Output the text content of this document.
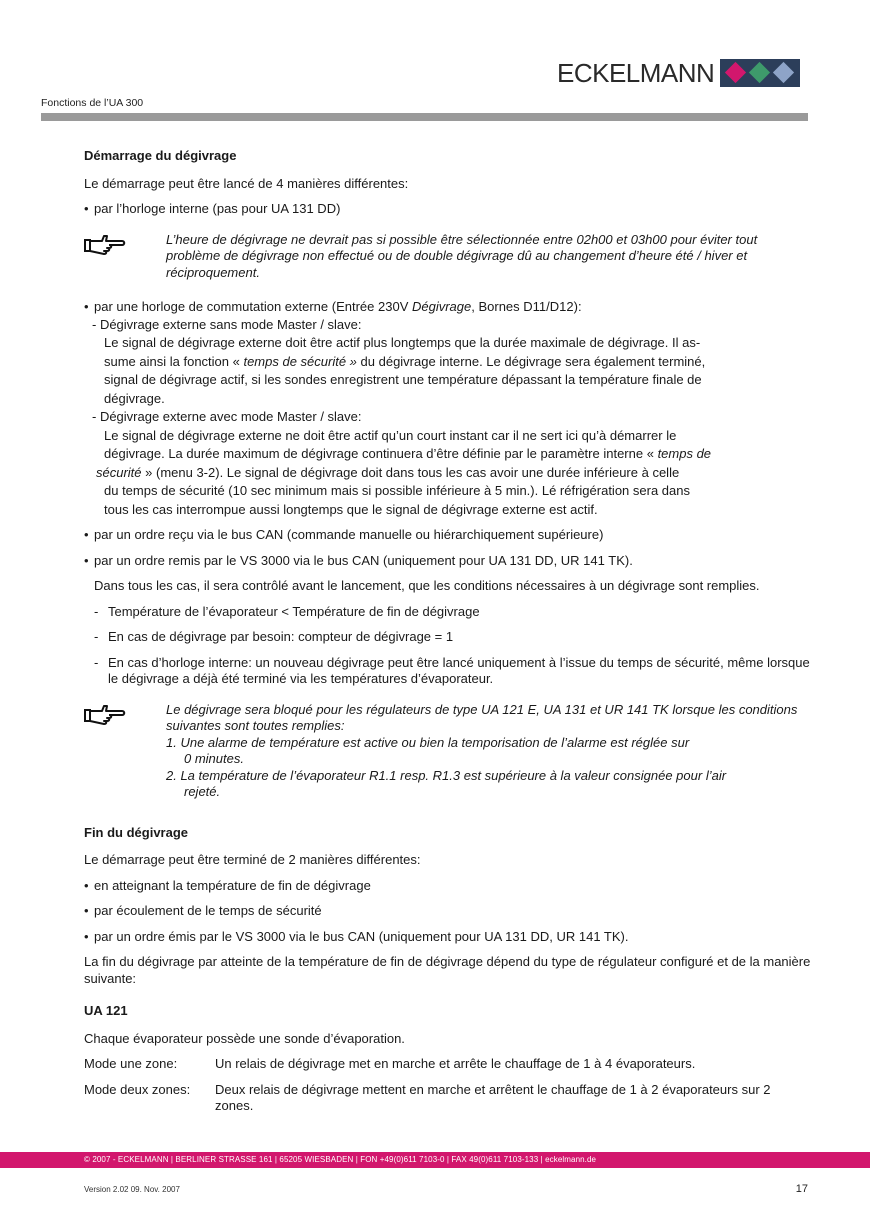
ECKELMANN
Fonctions de l’UA 300
Démarrage du dégivrage
Le démarrage peut être lancé de 4 manières différentes:
• par l’horloge interne (pas pour UA 131 DD)
L’heure de dégivrage ne devrait pas si possible être sélectionnée entre 02h00 et 03h00 pour éviter tout problème de dégivrage non effectué ou de double dégivrage dû au changement d’heure été / hiver et réciproquement.
• par une horloge de commutation externe (Entrée 230V Dégivrage, Bornes D11/D12):
- Dégivrage externe sans mode Master / slave:
Le signal de dégivrage externe doit être actif plus longtemps que la durée maximale de dégivrage. Il as-
sume ainsi la fonction « temps de sécurité » du dégivrage interne. Le dégivrage sera également terminé,
signal de dégivrage actif, si les sondes enregistrent une température dépassant la température finale de
dégivrage.
- Dégivrage externe avec mode Master / slave:
Le signal de dégivrage externe ne doit être actif qu’un court instant car il ne sert ici qu’à démarrer le
dégivrage. La durée maximum de dégivrage continuera d’être définie par le paramètre interne « temps de
sécurité » (menu 3-2). Le signal de dégivrage doit dans tous les cas avoir une durée inférieure à celle
du temps de sécurité (10 sec minimum mais si possible inférieure à 5 min.). Lé réfrigération sera dans
tous les cas interrompue aussi longtemps que le signal de dégivrage externe est actif.
• par un ordre reçu via le bus CAN (commande manuelle ou hiérarchiquement supérieure)
• par un ordre remis par le VS 3000 via le bus CAN (uniquement pour UA 131 DD, UR 141 TK).
Dans tous les cas, il sera contrôlé avant le lancement, que les conditions nécessaires à un dégivrage sont remplies.
- Température de l’évaporateur < Température de fin de dégivrage
- En cas de dégivrage par besoin: compteur de dégivrage = 1
- En cas d’horloge interne: un nouveau dégivrage peut être lancé uniquement à l’issue du temps de sécurité, même lorsque le dégivrage a déjà été terminé via les températures d’évaporateur.
Le dégivrage sera bloqué pour les régulateurs de type UA 121 E, UA 131 et UR 141 TK lorsque les conditions suivantes sont toutes remplies:
1. Une alarme de température est active ou bien la temporisation de l’alarme est réglée sur
0 minutes.
2. La température de l’évaporateur R1.1 resp. R1.3 est supérieure à la valeur consignée pour l’air
rejeté.
Fin du dégivrage
Le démarrage peut être terminé de 2 manières différentes:
• en atteignant la température de fin de dégivrage
• par écoulement de le temps de sécurité
• par un ordre émis par le VS 3000 via le bus CAN (uniquement pour UA 131 DD, UR 141 TK).
La fin du dégivrage par atteinte de la température de fin de dégivrage dépend du type de régulateur configuré et de la manière suivante:
UA 121
Chaque évaporateur possède une sonde d’évaporation.
Mode une zone:	Un relais de dégivrage met en marche et arrête le chauffage de 1 à 4 évaporateurs.
Mode deux zones:	Deux relais de dégivrage mettent en marche et arrêtent le chauffage de 1 à 2 évaporateurs sur 2 zones.
© 2007 - ECKELMANN | BERLINER STRASSE 161 | 65205 WIESBADEN | FON +49(0)611 7103-0 | FAX 49(0)611 7103-133 | eckelmann.de
Version 2.02 09. Nov. 2007	17
